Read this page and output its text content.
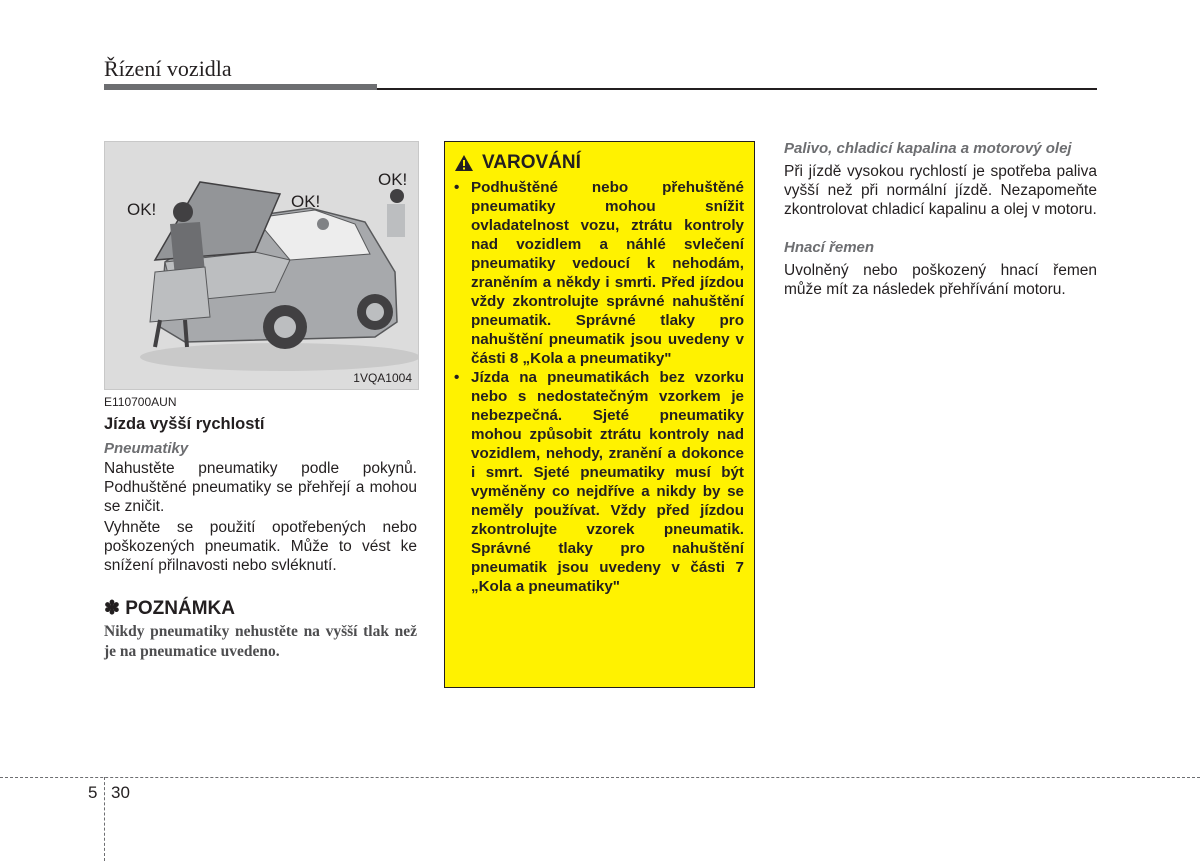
Řízení vozidla
OK!	OK!
OK!
1VQA1004
E110700AUN
Jízda vyšší rychlostí
Pneumatiky

Nahustěte pneumatiky podle pokynů. Podhuštěné pneumatiky se přehřejí a mohou se zničit.

Vyhněte se použití opotřebených nebo poškozených pneumatik. Může to vést ke snížení přilnavosti nebo svléknutí.

✽ POZNÁMKA
Nikdy pneumatiky nehustěte na vyšší tlak než je na pneumatice uvedeno.
VAROVÁNÍ
• Podhuštěné nebo přehuštěné pneumatiky mohou snížit ovladatelnost vozu, ztrátu kontroly nad vozidlem a náhlé svlečení pneumatiky vedoucí k nehodám, zraněním a někdy i smrti. Před jízdou vždy zkontrolujte správné nahuštění pneumatik. Správné tlaky pro nahuštění pneumatik jsou uvedeny v části 8 „Kola a pneumatiky"
• Jízda na pneumatikách bez vzorku nebo s nedostatečným vzorkem je nebezpečná. Sjeté pneumatiky mohou způsobit ztrátu kontroly nad vozidlem, nehody, zranění a dokonce i smrt. Sjeté pneumatiky musí být vyměněny co nejdříve a nikdy by se neměly používat. Vždy před jízdou zkontrolujte vzorek pneumatik. Správné tlaky pro nahuštění pneumatik jsou uvedeny v části 7 „Kola a pneumatiky"
Palivo, chladicí kapalina a motorový olej

Při jízdě vysokou rychlostí je spotřeba paliva vyšší než při normální jízdě. Nezapomeňte zkontrolovat chladicí kapalinu a olej v motoru.

Hnací řemen

Uvolněný nebo poškozený hnací řemen může mít za následek přehřívání motoru.

5 30
